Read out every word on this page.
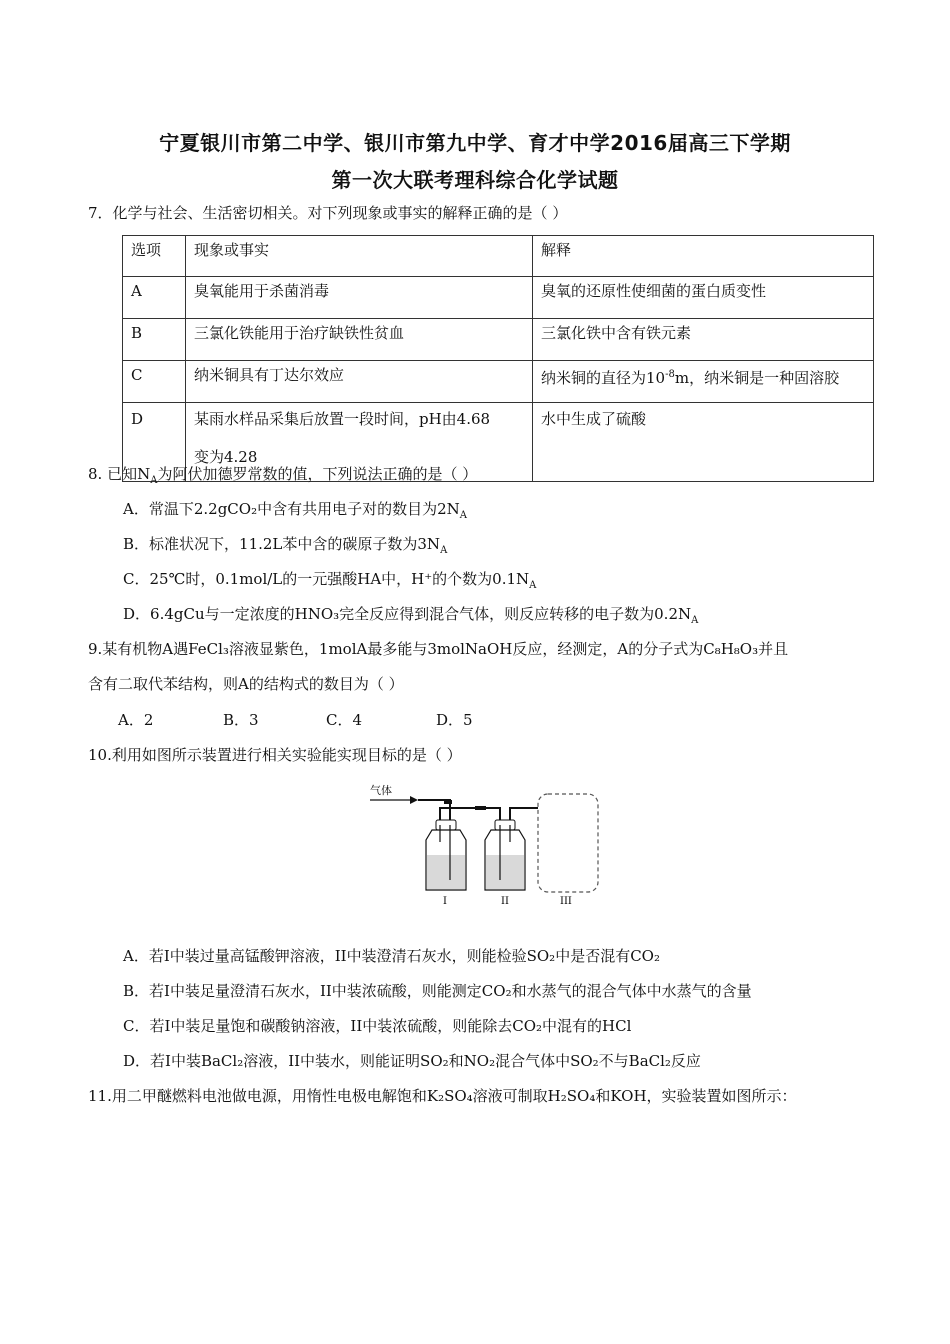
宁夏银川市第二中学、银川市第九中学、育才中学2016届高三下学期
第一次大联考理科综合化学试题
7．化学与社会、生活密切相关。对下列现象或事实的解释正确的是（ ）
选项	现象或事实	解释
A	臭氧能用于杀菌消毒	臭氧的还原性使细菌的蛋白质变性
B	三氯化铁能用于治疗缺铁性贫血	三氯化铁中含有铁元素
C	纳米铜具有丁达尔效应	纳米铜的直径为$10^{-8}m$，纳米铜是一种固溶胶
D	某雨水样品采集后放置一段时间，pH由4.68
变为4.28	水中生成了硫酸
8. 已知$N_A$为阿伏加德罗常数的值，下列说法正确的是（ ）
A．常温下2.2gCO₂中含有共用电子对的数目为$2N_A$
B．标准状况下，11.2L苯中含的碳原子数为$3N_A$
C．25℃时，0.1mol/L的一元强酸HA中，H⁺的个数为$0.1N_A$
D．6.4gCu与一定浓度的HNO₃完全反应得到混合气体，则反应转移的电子数为$0.2N_A$
9.某有机物A遇FeCl₃溶液显紫色，1molA最多能与3molNaOH反应，经测定，A的分子式为C₈H₈O₃并且
含有二取代苯结构，则A的结构式的数目为（ ）
A．2	B．3	C．4	D．5
10.利用如图所示装置进行相关实验能实现目标的是（ ）
气体
I	II	III
A．若I中装过量高锰酸钾溶液，II中装澄清石灰水，则能检验SO₂中是否混有CO₂
B．若I中装足量澄清石灰水，II中装浓硫酸，则能测定CO₂和水蒸气的混合气体中水蒸气的含量
C．若I中装足量饱和碳酸钠溶液，II中装浓硫酸，则能除去CO₂中混有的HCl
D．若I中装BaCl₂溶液，II中装水，则能证明SO₂和NO₂混合气体中SO₂不与BaCl₂反应
11.用二甲醚燃料电池做电源，用惰性电极电解饱和K₂SO₄溶液可制取H₂SO₄和KOH，实验装置如图所示：
